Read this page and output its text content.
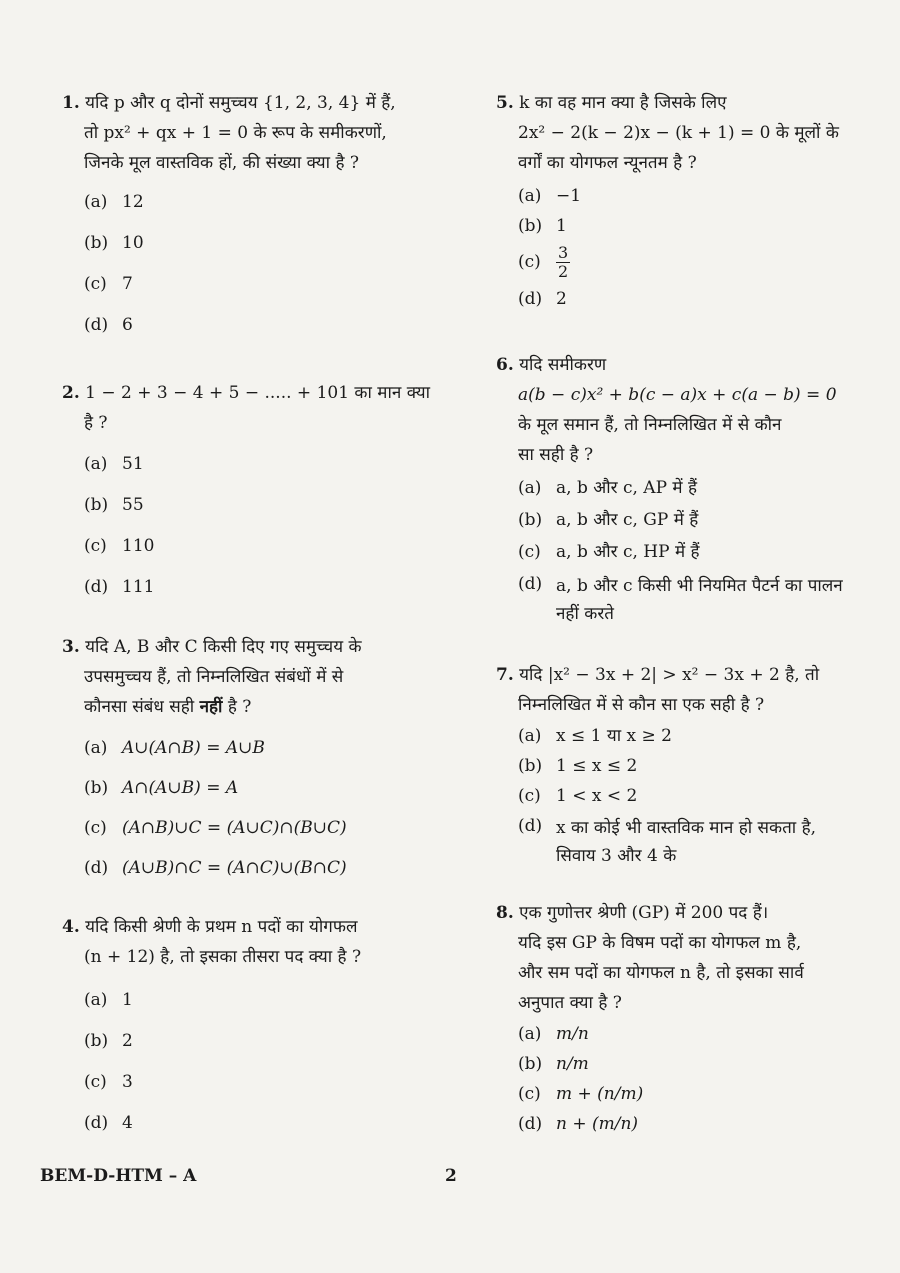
1. यदि p और q दोनों समुच्चय {1, 2, 3, 4} में हैं,

तो px² + qx + 1 = 0 के रूप के समीकरणों,
जिनके मूल वास्तविक हों, की संख्या क्या है ?
(a) 12
(b) 10
(c) 7
(d) 6
2. 1 − 2 + 3 − 4 + 5 − ..... + 101 का मान क्या

है ?
(a) 51
(b) 55
(c) 110
(d) 111
3. यदि A, B और C किसी दिए गए समुच्चय के

उपसमुच्चय हैं, तो निम्नलिखित संबंधों में से
कौनसा संबंध सही नहीं है ?
(a) A∪(A∩B) = A∪B
(b) A∩(A∪B) = A
(c) (A∩B)∪C = (A∪C)∩(B∪C)
(d) (A∪B)∩C = (A∩C)∪(B∩C)
4. यदि किसी श्रेणी के प्रथम n पदों का योगफल

(n + 12) है, तो इसका तीसरा पद क्या है ?
(a) 1
(b) 2
(c) 3
(d) 4
5. k का वह मान क्या है जिसके लिए

2x² − 2(k − 2)x − (k + 1) = 0 के मूलों के
वर्गों का योगफल न्यूनतम है ?
(a) −1
(b) 1
$(c) \frac{3}{2}$
(d) 2
6. यदि समीकरण

a(b − c)x² + b(c − a)x + c(a − b) = 0
के मूल समान हैं, तो निम्नलिखित में से कौन
सा सही है ?
(a) a, b और c, AP में हैं
(b) a, b और c, GP में हैं
(c) a, b और c, HP में हैं
(d) a, b और c किसी भी नियमित पैटर्न का पालन नहीं करते
7. यदि |x² − 3x + 2| > x² − 3x + 2 है, तो

निम्नलिखित में से कौन सा एक सही है ?
(a) x ≤ 1 या x ≥ 2
(b) 1 ≤ x ≤ 2
(c) 1 < x < 2
(d) x का कोई भी वास्तविक मान हो सकता है, सिवाय 3 और 4 के
8. एक गुणोत्तर श्रेणी (GP) में 200 पद हैं।

यदि इस GP के विषम पदों का योगफल m है,
और सम पदों का योगफल n है, तो इसका सार्व
अनुपात क्या है ?
(a) m/n
(b) n/m
(c) m + (n/m)
(d) n + (m/n)
BEM-D-HTM – A	2
